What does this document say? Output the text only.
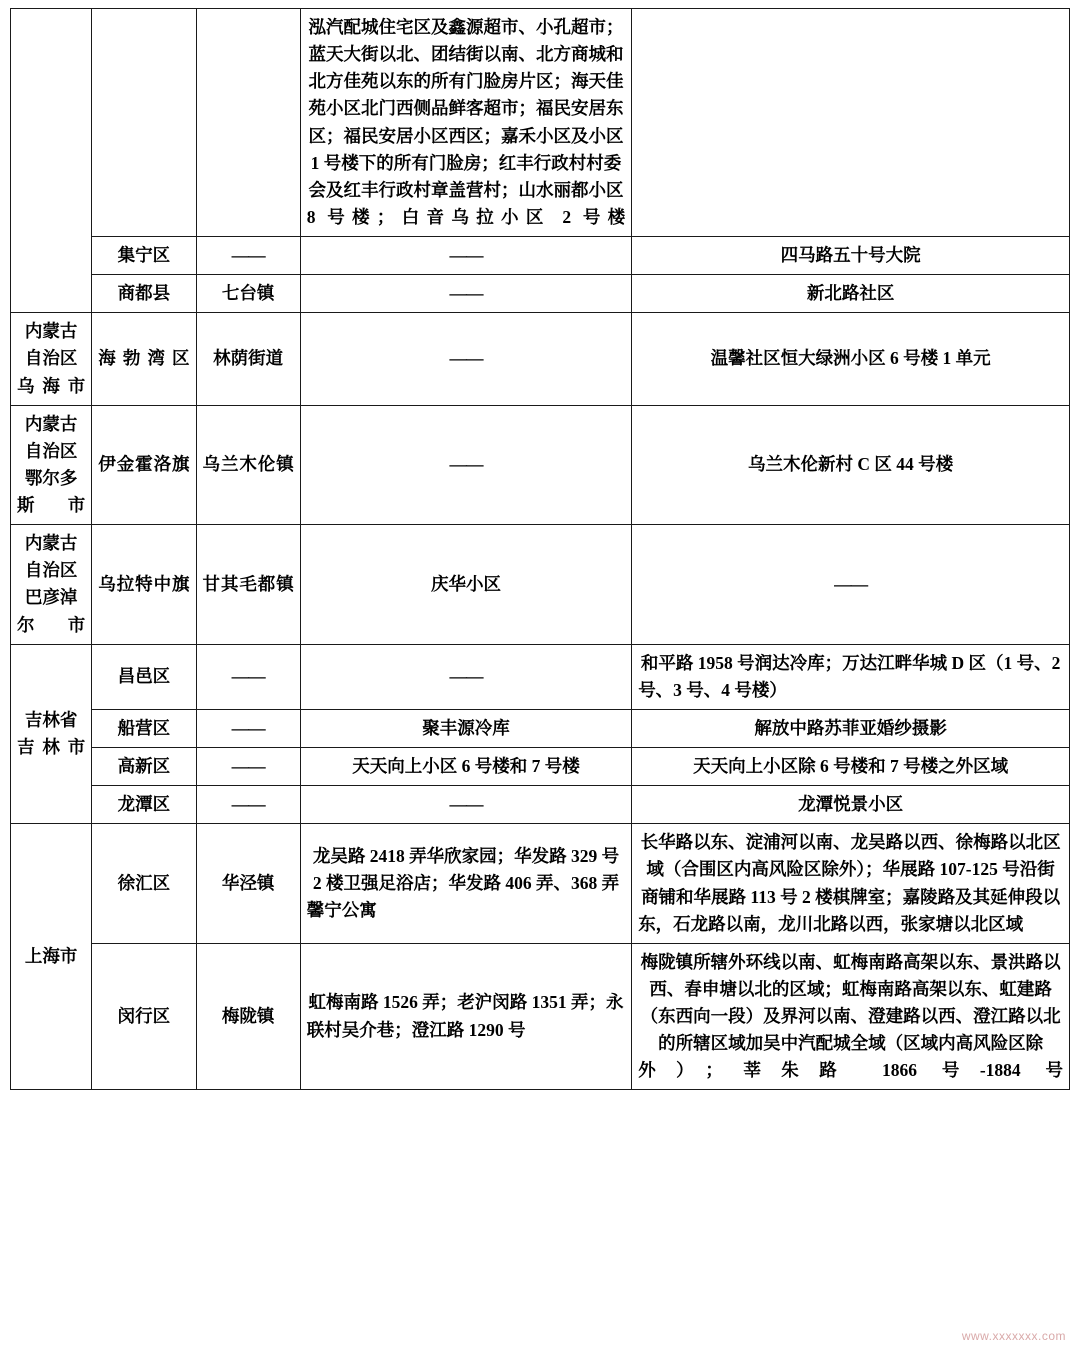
			泓汽配城住宅区及鑫源超市、小孔超市；蓝天大街以北、团结街以南、北方商城和北方佳苑以东的所有门脸房片区；海天佳苑小区北门西侧品鲜客超市；福民安居东区；福民安居小区西区；嘉禾小区及小区 1 号楼下的所有门脸房；红丰行政村村委会及红丰行政村章盖营村；山水丽都小区 8 号楼；白音乌拉小区 2 号楼	
	集宁区	——	——	四马路五十号大院
	商都县	七台镇	——	新北路社区
内蒙古自治区乌海市	海勃湾区	林荫街道	——	温馨社区恒大绿洲小区 6 号楼 1 单元
内蒙古自治区鄂尔多斯市	伊金霍洛旗	乌兰木伦镇	——	乌兰木伦新村 C 区 44 号楼
内蒙古自治区巴彦淖尔市	乌拉特中旗	甘其毛都镇	庆华小区	——
吉林省吉林市	昌邑区	——	——	和平路 1958 号润达冷库；万达江畔华城 D 区（1 号、2 号、3 号、4 号楼）
	船营区	——	聚丰源冷库	解放中路苏菲亚婚纱摄影
	高新区	——	天天向上小区 6 号楼和 7 号楼	天天向上小区除 6 号楼和 7 号楼之外区域
	龙潭区	——	——	龙潭悦景小区
上海市	徐汇区	华泾镇	龙吴路 2418 弄华欣家园；华发路 329 号 2 楼卫强足浴店；华发路 406 弄、368 弄馨宁公寓	长华路以东、淀浦河以南、龙吴路以西、徐梅路以北区域（合围区内高风险区除外）；华展路 107-125 号沿街商铺和华展路 113 号 2 楼棋牌室；嘉陵路及其延伸段以东，石龙路以南，龙川北路以西，张家塘以北区域
	闵行区	梅陇镇	虹梅南路 1526 弄；老沪闵路 1351 弄；永联村吴介巷；澄江路 1290 号	梅陇镇所辖外环线以南、虹梅南路高架以东、景洪路以西、春申塘以北的区域；虹梅南路高架以东、虹建路（东西向一段）及界河以南、澄建路以西、澄江路以北的所辖区域加吴中汽配城全域（区域内高风险区除外）；莘朱路 1866 号-1884 号
www.xxxxxxx.com
